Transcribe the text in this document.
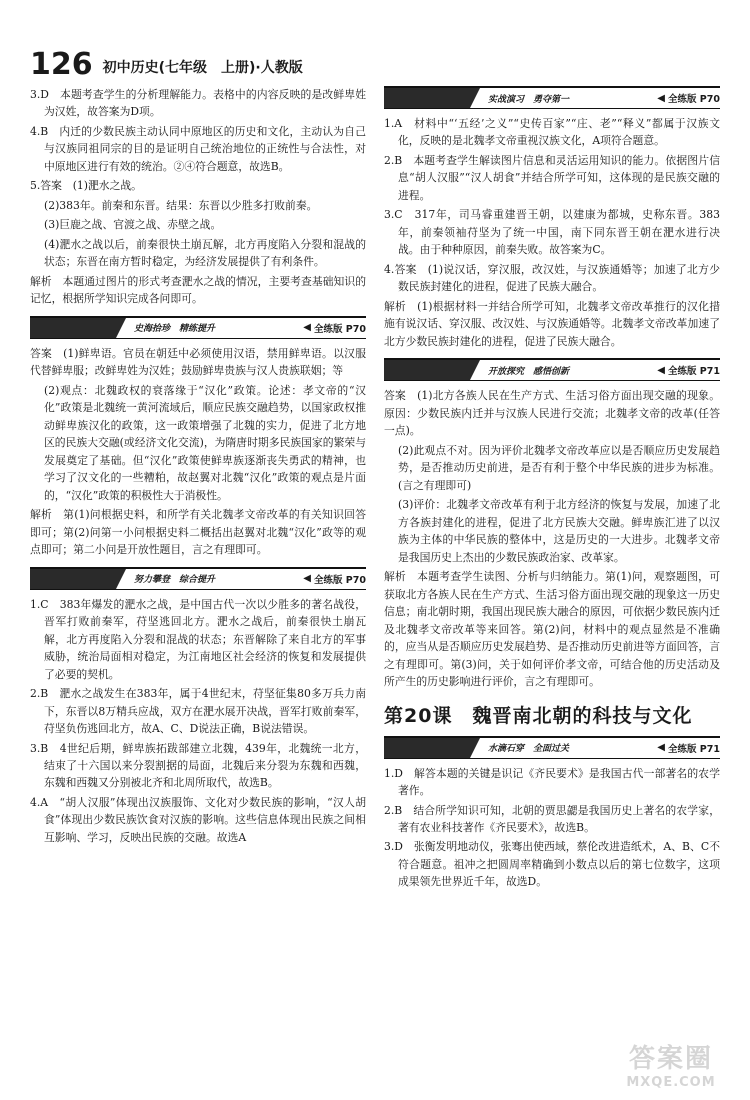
126 初中历史(七年级　上册)·人教版

3.D　本题考查学生的分析理解能力。表格中的内容反映的是改鲜卑姓为汉姓，故答案为D项。

4.B　内迁的少数民族主动认同中原地区的历史和文化，主动认为自己与汉族同祖同宗的目的是证明自己统治地位的正统性与合法性，对中原地区进行有效的统治。②④符合题意，故选B。

5.答案　(1)淝水之战。

(2)383年。前秦和东晋。结果：东晋以少胜多打败前秦。

(3)巨鹿之战、官渡之战、赤壁之战。

(4)淝水之战以后，前秦很快土崩瓦解，北方再度陷入分裂和混战的状态；东晋在南方暂时稳定，为经济发展提供了有利条件。

解析　本题通过图片的形式考查淝水之战的情况，主要考查基础知识的记忆，根据所学知识完成各问即可。

史海拾珍　精练提升	◀ 全练版 P70

答案　(1)鲜卑语。官员在朝廷中必须使用汉语，禁用鲜卑语。以汉服代替鲜卑服；改鲜卑姓为汉姓；鼓励鲜卑贵族与汉人贵族联姻；等

(2)观点：北魏政权的衰落缘于“汉化”政策。论述：孝文帝的“汉化”政策是北魏统一黄河流域后，顺应民族交融趋势，以国家政权推动鲜卑族汉化的政策，这一政策增强了北魏的实力，促进了北方地区的民族大交融(或经济文化交流)，为隋唐时期多民族国家的繁荣与发展奠定了基础。但“汉化”政策使鲜卑族逐渐丧失勇武的精神，也学习了汉文化的一些糟粕，故赵翼对北魏“汉化”政策的观点是片面的，“汉化”政策的积极性大于消极性。

解析　第(1)问根据史料，和所学有关北魏孝文帝改革的有关知识回答即可；第(2)问第一小问根据史料二概括出赵翼对北魏“汉化”政等的观点即可；第二小问是开放性题目，言之有理即可。

努力攀登　综合提升	◀ 全练版 P70

1.C　383年爆发的淝水之战，是中国古代一次以少胜多的著名战役，晋军打败前秦军，苻坚逃回北方。淝水之战后，前秦很快土崩瓦解，北方再度陷入分裂和混战的状态；东晋解除了来自北方的军事威胁，统治局面相对稳定，为江南地区社会经济的恢复和发展提供了必要的契机。

2.B　淝水之战发生在383年，属于4世纪末，苻坚征集80多万兵力南下，东晋以8万精兵应战，双方在淝水展开决战，晋军打败前秦军，苻坚负伤逃回北方，故A、C、D说法正确，B说法错误。

3.B　4世纪后期，鲜卑族拓跋部建立北魏，439年，北魏统一北方，结束了十六国以来分裂割据的局面，北魏后来分裂为东魏和西魏，东魏和西魏又分别被北齐和北周所取代，故选B。

4.A　“胡人汉服”体现出汉族服饰、文化对少数民族的影响，“汉人胡食”体现出少数民族饮食对汉族的影响。这些信息体现出民族之间相互影响、学习，反映出民族的交融。故选A

实战演习　勇夺第一	◀ 全练版 P70

1.A　材料中“‘五经’之义”“史传百家”“庄、老”“释义”都属于汉族文化，反映的是北魏孝文帝重视汉族文化，A项符合题意。

2.B　本题考查学生解读图片信息和灵活运用知识的能力。依据图片信息“胡人汉服”“汉人胡食”并结合所学可知，这体现的是民族交融的进程。

3.C　317年，司马睿重建晋王朝，以建康为都城，史称东晋。383年，前秦领袖苻坚为了统一中国，南下同东晋王朝在淝水进行决战。由于种种原因，前秦失败。故答案为C。

4.答案　(1)说汉话，穿汉服，改汉姓，与汉族通婚等；加速了北方少数民族封建化的进程，促进了民族大融合。

解析　(1)根据材料一并结合所学可知，北魏孝文帝改革推行的汉化措施有说汉话、穿汉服、改汉姓、与汉族通婚等。北魏孝文帝改革加速了北方少数民族封建化的进程，促进了民族大融合。

开放探究　感悟创新	◀ 全练版 P71

答案　(1)北方各族人民在生产方式、生活习俗方面出现交融的现象。原因：少数民族内迁并与汉族人民进行交流；北魏孝文帝的改革(任答一点)。

(2)此观点不对。因为评价北魏孝文帝改革应以是否顺应历史发展趋势，是否推动历史前进，是否有利于整个中华民族的进步为标准。(言之有理即可)

(3)评价：北魏孝文帝改革有利于北方经济的恢复与发展，加速了北方各族封建化的进程，促进了北方民族大交融。鲜卑族汇进了以汉族为主体的中华民族的整体中，这是历史的一大进步。北魏孝文帝是我国历史上杰出的少数民族政治家、改革家。

解析　本题考查学生读图、分析与归纳能力。第(1)问，观察题图，可获取北方各族人民在生产方式、生活习俗方面出现交融的现象这一历史信息；南北朝时期，我国出现民族大融合的原因，可依据少数民族内迁及北魏孝文帝改革等来回答。第(2)问，材料中的观点显然是不准确的，应当从是否顺应历史发展趋势、是否推动历史前进等方面回答，言之有理即可。第(3)问，关于如何评价孝文帝，可结合他的历史活动及所产生的历史影响进行评价，言之有理即可。

第20课　魏晋南北朝的科技与文化
水滴石穿　全面过关	◀ 全练版 P71

1.D　解答本题的关键是识记《齐民要术》是我国古代一部著名的农学著作。

2.B　结合所学知识可知，北朝的贾思勰是我国历史上著名的农学家，著有农业科技著作《齐民要术》，故选B。

3.D　张衡发明地动仪，张骞出使西域，蔡伦改进造纸术，A、B、C不符合题意。祖冲之把圆周率精确到小数点以后的第七位数字，这项成果领先世界近千年，故选D。

答案圈
MXQE.COM
